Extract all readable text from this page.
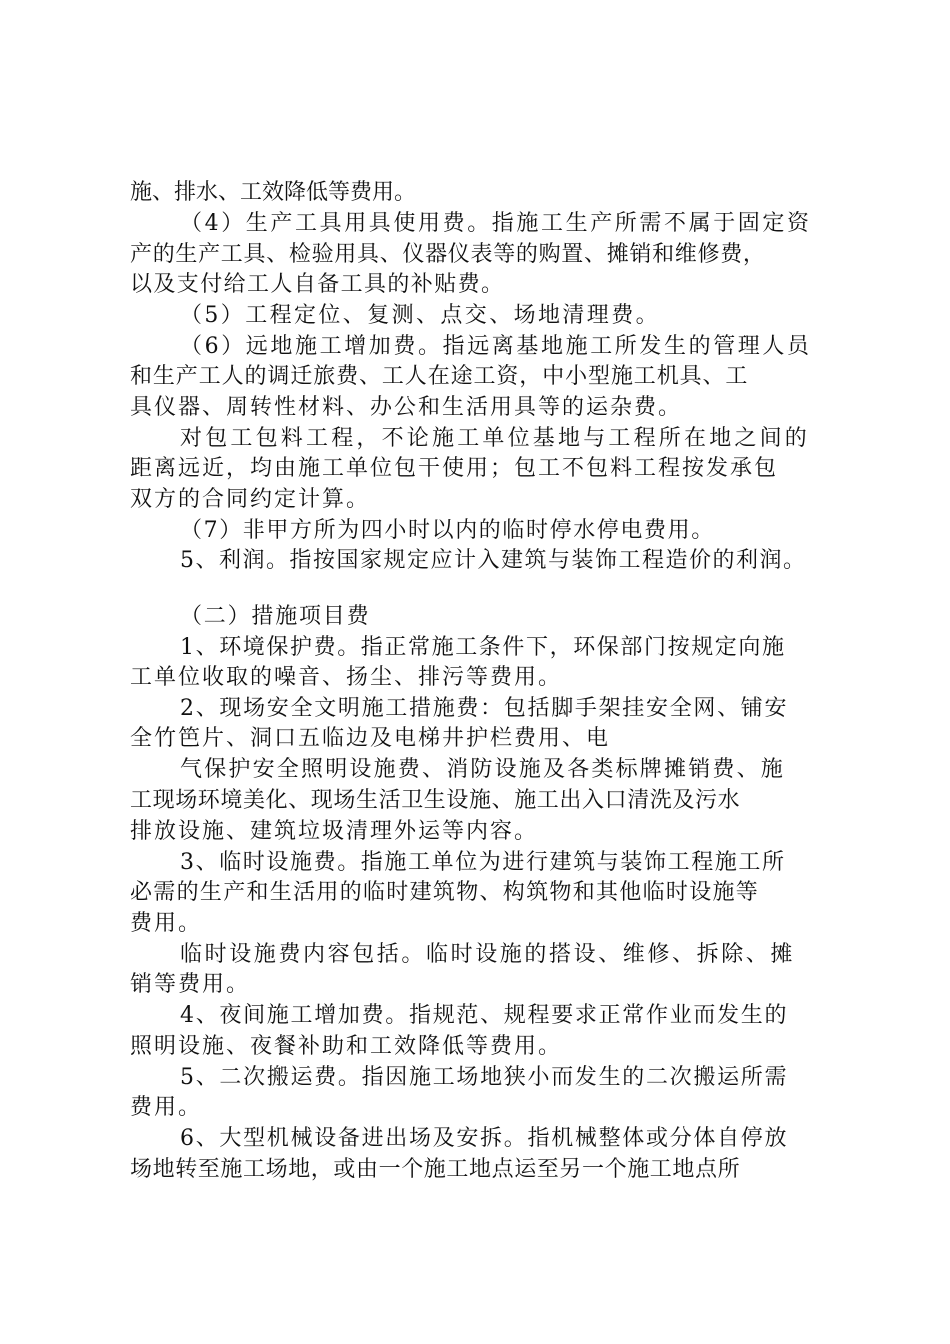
施、排水、工效降低等费用。
（4）生产工具用具使用费。指施工生产所需不属于固定资
产的生产工具、检验用具、仪器仪表等的购置、摊销和维修费，
以及支付给工人自备工具的补贴费。
（5）工程定位、复测、点交、场地清理费。
（6）远地施工增加费。指远离基地施工所发生的管理人员
和生产工人的调迁旅费、工人在途工资，中小型施工机具、工
具仪器、周转性材料、办公和生活用具等的运杂费。
对包工包料工程，不论施工单位基地与工程所在地之间的
距离远近，均由施工单位包干使用；包工不包料工程按发承包
双方的合同约定计算。
（7）非甲方所为四小时以内的临时停水停电费用。
5、利润。指按国家规定应计入建筑与装饰工程造价的利润。
（二）措施项目费
1、环境保护费。指正常施工条件下，环保部门按规定向施
工单位收取的噪音、扬尘、排污等费用。
2、现场安全文明施工措施费：包括脚手架挂安全网、铺安
全竹笆片、洞口五临边及电梯井护栏费用、电
气保护安全照明设施费、消防设施及各类标牌摊销费、施
工现场环境美化、现场生活卫生设施、施工出入口清洗及污水
排放设施、建筑垃圾清理外运等内容。
3、临时设施费。指施工单位为进行建筑与装饰工程施工所
必需的生产和生活用的临时建筑物、构筑物和其他临时设施等
费用。
临时设施费内容包括。临时设施的搭设、维修、拆除、摊
销等费用。
4、夜间施工增加费。指规范、规程要求正常作业而发生的
照明设施、夜餐补助和工效降低等费用。
5、二次搬运费。指因施工场地狭小而发生的二次搬运所需
费用。
6、大型机械设备进出场及安拆。指机械整体或分体自停放
场地转至施工场地，或由一个施工地点运至另一个施工地点所
